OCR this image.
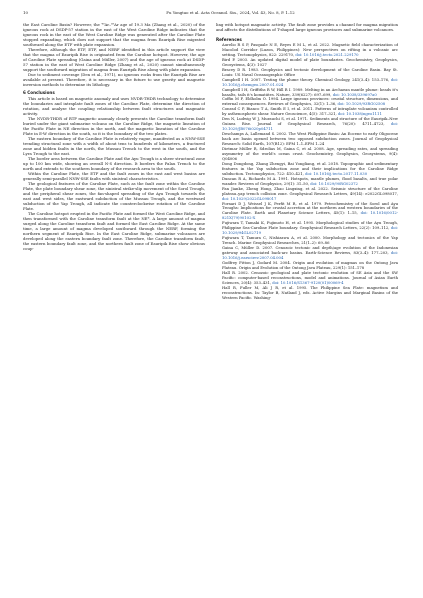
10	Fu Yongtao et al. Acta Oceanol. Sin., 2024, Vol. 43, No. 8, P. 1–12

the East Caroline Basin? However, the ⁴⁰Ar–³⁹Ar age of 19.3 Ma (Zhang et al., 2020) of the igneous rock at DSDP-57 station in the east of the West Caroline Ridge indicates that the igneous rock in the east of the West Caroline Ridge was generated after the Caroline Plate stopped expanding, which does not support that the magma from Eauripik Rise migrated southward along the ETF with plate expansion.

Therefore, although the ETF, ETF, and NERF identified in this article support the view that the magma of Eauripik Rise is originated from the Caroline hotspot. However, the age of Caroline Plate spreading (Gaina and Müller, 2007) and the age of igneous rock at DSDP-57 station in the east of West Caroline Ridge (Zhang et al., 2020) cannot simultaneously support the southward migration of magma from Eauripik Rise along with plate expansion.

Due to sediment coverage (Den et al., 1971), no igneous rocks from the Eauripik Rise are available at present. Therefore, it is necessary in the future to use gravity and magnetic inversion methods to determine its lithology.

6 Conclusions

This article is based on magnetic anomaly and uses NVDR-THDR technology to determine the boundaries and intraplate fault zones of the Caroline Plate, determine the direction of rotation, and analyze the coupling relationship between fault structures and magmatic activity.

The NVDR-THDR of RTP magnetic anomaly clearly presents the Caroline transform fault buried under the giant submarine volcano on the Caroline Ridge, the magnetic lineation of the Pacific Plate in NE direction in the north, and the magnetic lineation of the Caroline Plate in E-W direction in the south, so it is the boundary of the two plates.

The eastern boundary of the Caroline Plate is relatively vague, manifested as a NNW-SSE trending structural zone with a width of about tens to hundreds of kilometers, a fractured zone and hidden faults in the north, the Mussau Trench to the west in the south, and the Lyra Trough to the east.

The border area between the Caroline Plate and the Ayu Trough is a sheer structural zone up to 100 km wide, showing an overall N-S direction. It borders the Palau Trench to the north and extends to the southern boundary of the research area to the south.

Within the Caroline Plate, the ETF and the fault zones in the east and west basins are generally semi-parallel NNW-SSE faults with sinistral characteristics.

The geological features of the Caroline Plate, such as the fault zone within the Caroline Plate, the plate boundary shear zone, the sinistral strike-slip movement of the Sorol Trough, and the peripheral shear zones, the fan-shaped spreading of the Ayu Trough towards the east and west sides, the eastward subduction of the Mussau Trough, and the westward subduction of the Yap Trough, all indicate the counterclockwise rotation of the Caroline Plate.

The Caroline hotspot erupted in the Pacific Plate and formed the West Caroline Ridge, and then transformed with the Caroline transform fault at the NE*. A large amount of magma surged along the Caroline transform fault and formed the East Caroline Ridge. At the same time, a large amount of magma developed southward through the NERF, forming the northern segment of Eauripik Rise. In the East Caroline Ridge, submarine volcanoes are developed along the eastern boundary fault zone. Therefore, the Caroline transform fault, the eastern boundary fault zone, and the northern fault zone of Eauripik Rise show obvious coup-

ling with hotspot magmatic activity. The fault zone provides a channel for magma migration and affects the distributions of T-shaped large igneous provinces and submarine volcanoes.

References

Aurelio R S P, Pasquale N E, Reyes E M L, et al. 2022. Magnetic field characterization of Macolod Corridor (Luzon, Philippines): New perspectives on rifting in a volcanic arc setting. Tectonophysics, 822: 229170, doi: 10.1016/j.tecto.2021.229170

Bird P. 2003. An updated digital model of plate boundaries. Geochemistry, Geophysics, Geosystems, 4(3): 1027

Bracey D R. 1983. Geophysics and tectonic development of the Caroline Basin. Bay St. Louis: US Naval Oceanographic Office

Campbell I H. 2007. Testing the plume theory. Chemical Geology, 241(3–4): 153–176, doi: 10.1016/j.chemgeo.2007.01.024

Campbell I H, Griffiths R W, Hill R I. 1989. Melting in an Archaean mantle plume: heads it's basalts, tails it's komatiites. Nature, 339(6227): 697–699, doi: 10.1038/339697a0

Coffin M F, Eldholm O. 1994. Large igneous provinces: crustal structure, dimensions, and external consequences. Reviews of Geophysics, 32(1): 1–36, doi: 10.1029/93RG02508

Conrad C P, Bianco T A, Smith E I, et al. 2011. Patterns of intraplate volcanism controlled by asthenospheric shear. Nature Geoscience, 4(5): 317–321, doi: 10.1038/ngeo1111

Den N, Ludwig W J, Murauchi S, et al. 1971. Sediments and structure of the Eauripik–New Guinea Rise. Journal of Geophysical Research, 76(20): 4711–4723, doi: 10.1029/JB076i020p04711

Deschamps A, Lallemand S. 2002. The West Philippine Basin: An Eocene to early Oligocene back arc basin opened between two opposed subduction zones. Journal of Geophysical Research: Solid Earth, 107(B12): EPM 1–1–EPM 1–24

Dietmar Müller R, Sdrolias M, Gaina C, et al. 2008. Age, spreading rates, and spreading asymmetry of the world's ocean crust. Geochemistry, Geophysics, Geosystems, 9(4): Q04006

Dong Dongdong, Zhang Zhengyi, Bai Yongliang, et al. 2018. Topographic and sedimentary features in the Yap subduction zone and their implications for the Caroline Ridge subduction. Tectonophysics, 722: 410–421, doi: 10.1016/j.tecto.2017.11.030

Duncan R A, Richards M A. 1991. Hotspots, mantle plumes, flood basalts, and true polar wander. Reviews of Geophysics, 29(1): 31–50, doi: 10.1029/90RG02372

Fan Jianke, Zheng Hong, Zhao Lingxing, et al. 2022. Seismic structure of the Caroline plateau–yap trench collision zone. Geophysical Research Letters, 49(14): e2022GL098017, doi: 10.1029/2022GL098017

Fornari D J, Weissel J K, Perfit M R, et al. 1979. Petrochemistry of the Sorol and Ayu Troughs: Implications for crustal accretion at the northern and western boundaries of the Caroline Plate. Earth and Planetary Science Letters, 45(1): 1–15, doi: 10.1016/0012-821X(79)90102-X

Fujiwara T, Tamaki K, Fujimoto H, et al. 1995. Morphological studies of the Ayu Trough, Philippine Sea-Caroline Plate boundary. Geophysical Research Letters, 22(2): 109–112, doi: 10.1029/94GL02719

Fujiwara T, Tamura C, Nishizawa A, et al. 2000. Morphology and tectonics of the Yap Trench. Marine Geophysical Researches, 21(1–2): 69–86

Gaina C, Müller D. 2007. Cenozoic tectonic and depth/age evolution of the Indonesian gateway and associated back-arc basins. Earth-Science Reviews, 83(3–4): 177–203, doi: 10.1016/j.earscirev.2007.04.004

Godfrey Fitton J, Godard M. 2004. Origin and evolution of magmas on the Ontong Java Plateau. Origin and Evolution of the Ontong Java Plateau, 229(1): 151–178

Hall R. 2002. Cenozoic geological and plate tectonic evolution of SE Asia and the SW Pacific: computer-based reconstructions, model and animations. Journal of Asian Earth Sciences, 20(4): 353–431, doi: 10.1016/S1367-9120(01)00069-4

Hall R, Fuller M, Ali J R, et al. 1995. The Philippine Sea Plate: magnetism and reconstructions. In: Taylor B, Natland J, eds. Active Margins and Marginal Basins of the Western Pacific. Washing-
